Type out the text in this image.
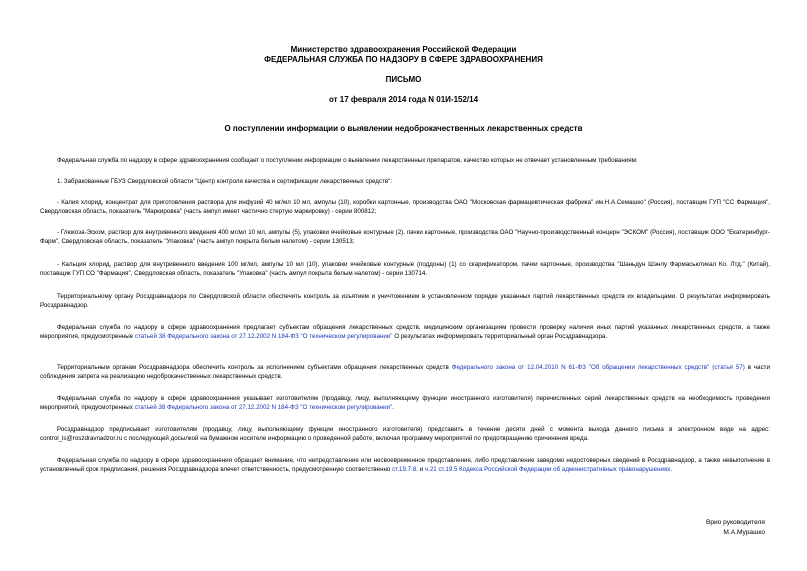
Министерство здравоохранения Российской Федерации
ФЕДЕРАЛЬНАЯ СЛУЖБА ПО НАДЗОРУ В СФЕРЕ ЗДРАВООХРАНЕНИЯ
ПИСЬМО
от 17 февраля 2014 года N 01И-152/14
О поступлении информации о выявлении недоброкачественных лекарственных средств
Федеральная служба по надзору в сфере здравоохранения сообщает о поступлении информации о выявлении лекарственных препаратов, качество которых не отвечает установленным требованиям:
1. Забракованные ГБУЗ Свердловской области "Центр контроля качества и сертификации лекарственных средств":
- Калия хлорид, концентрат для приготовления раствора для инфузий 40 мг/мл 10 мл, ампулы (10), коробки картонные, производства ОАО "Московская фармацевтическая фабрика" им.Н.А.Семашко" (Россия), поставщик ГУП "СС Фармация", Свердловская область, показатель "Маркировка" (часть ампул имеет частично стертую маркировку) - серии 800812;
- Глюкоза-Эском, раствор для внутривенного введения 400 мг/мл 10 мл, ампулы (5), упаковки ячейковые контурные (2), пачки картонные, производства ОАО "Научно-производственный концерн "ЭСКОМ" (Россия), поставщик ООО "Екатеринбург-Фарм", Свердловская область, показатель "Упаковка" (часть ампул покрыта белым налетом) - серии 130513;
- Кальция хлорид, раствор для внутривенного введения 100 мг/мл, ампулы 10 мл (10), упаковки ячейковые контурные (поддоны) (1) со скарификатором, пачки картонные, производства "Шаньдун Шэнлу Фармасьютикал Ко. Лтд." (Китай), поставщик ГУП СО "Фармация", Свердловская область, показатель "Упаковка" (часть ампул покрыта белым налетом) - серии 130714.
Территориальному органу Росздравнадзора по Свердловской области обеспечить контроль за изъятием и уничтожением в установленном порядке указанных партий лекарственных средств их владельцами. О результатах информировать Росздравнадзор.
Федеральная служба по надзору в сфере здравоохранения предлагает субъектам обращения лекарственных средств, медицинским организациям провести проверку наличия иных партий указанных лекарственных средств, а также мероприятия, предусмотренные статьей 38 Федерального закона от 27.12.2002 N 184-ФЗ "О техническом регулировании" О результатах информировать территориальный орган Росздравнадзора.
Территориальным органам Росздравнадзора обеспечить контроль за исполнением субъектами обращения лекарственных средств Федерального закона от 12.04.2010 N 61-ФЗ "Об обращении лекарственных средств" (статья 57) в части соблюдения запрета на реализацию недоброкачественных лекарственных средств.
Федеральная служба по надзору в сфере здравоохранения указывает изготовителям (продавцу, лицу, выполняющему функции иностранного изготовителя) перечисленных серий лекарственных средств на необходимость проведения мероприятий, предусмотренных статьей 38 Федерального закона от 27.12.2002 N 184-ФЗ "О техническом регулировании".
Росздравнадзор предписывает изготовителям (продавцу, лицу, выполняющему функции иностранного изготовителя) представить в течение десяти дней с момента выхода данного письма в электронном виде на адрес: control_ls@roszdravnadzor.ru с последующей досылкой на бумажном носителе информацию о проведенной работе, включая программу мероприятий по предотвращению причинения вреда.
Федеральная служба по надзору в сфере здравоохранения обращает внимание, что непредставление или несвоевременное представление, либо представление заведомо недостоверных сведений в Росздравнадзор, а также невыполнение в установленный срок предписания, решения Росздравнадзора влечет ответственность, предусмотренную соответственно ст.19.7.8. и ч.21 ст.19.5 Кодекса Российской Федерации об административных правонарушениях.
Врио руководителя
М.А.Мурашко
